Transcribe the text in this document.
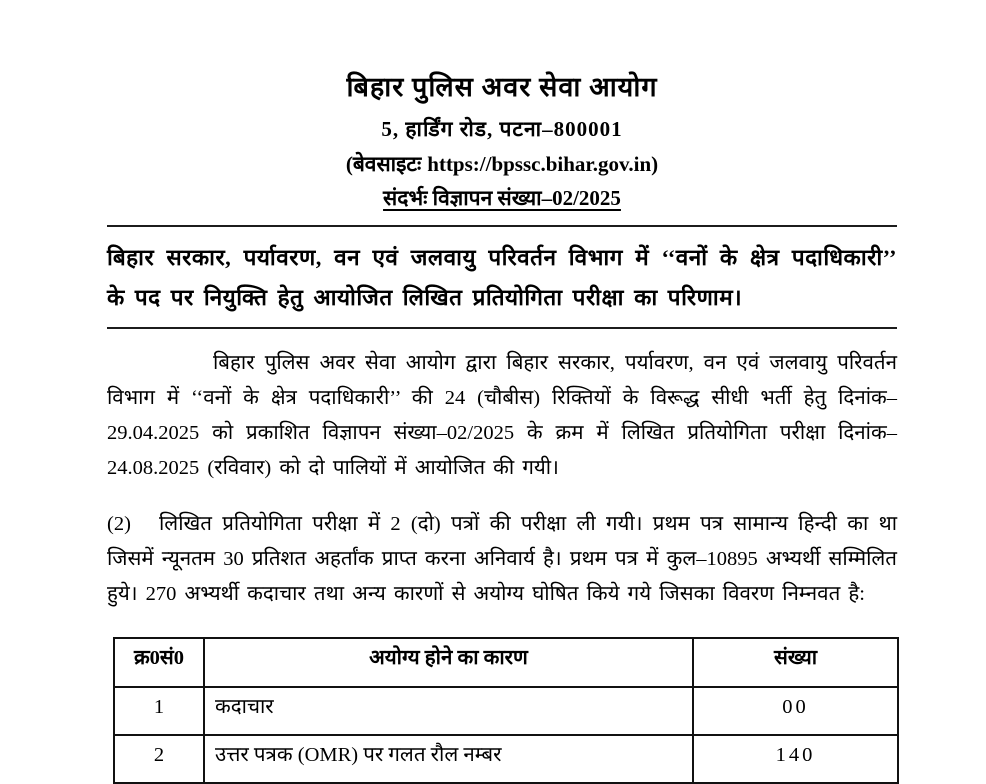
बिहार पुलिस अवर सेवा आयोग
5, हार्डिंग रोड, पटना–800001
(बेवसाइटः https://bpssc.bihar.gov.in)
संदर्भः विज्ञापन संख्या–02/2025
बिहार सरकार, पर्यावरण, वन एवं जलवायु परिवर्तन विभाग में ‘‘वनों के क्षेत्र पदाधिकारी’’ के पद पर नियुक्ति हेतु आयोजित लिखित प्रतियोगिता परीक्षा का परिणाम।

बिहार पुलिस अवर सेवा आयोग द्वारा बिहार सरकार, पर्यावरण, वन एवं जलवायु परिवर्तन विभाग में ‘‘वनों के क्षेत्र पदाधिकारी’’ की 24 (चौबीस) रिक्तियों के विरूद्ध सीधी भर्ती हेतु दिनांक–29.04.2025 को प्रकाशित विज्ञापन संख्या–02/2025 के क्रम में लिखित प्रतियोगिता परीक्षा दिनांक–24.08.2025 (रविवार) को दो पालियों में आयोजित की गयी।

(2) लिखित प्रतियोगिता परीक्षा में 2 (दो) पत्रों की परीक्षा ली गयी। प्रथम पत्र सामान्य हिन्दी का था जिसमें न्यूनतम 30 प्रतिशत अहर्तांक प्राप्त करना अनिवार्य है। प्रथम पत्र में कुल–10895 अभ्यर्थी सम्मिलित हुये। 270 अभ्यर्थी कदाचार तथा अन्य कारणों से अयोग्य घोषित किये गये जिसका विवरण निम्नवत है:

क्र0सं0	अयोग्य होने का कारण	संख्या
1	कदाचार	00
2	उत्तर पत्रक (OMR) पर गलत रौल नम्बर	140
